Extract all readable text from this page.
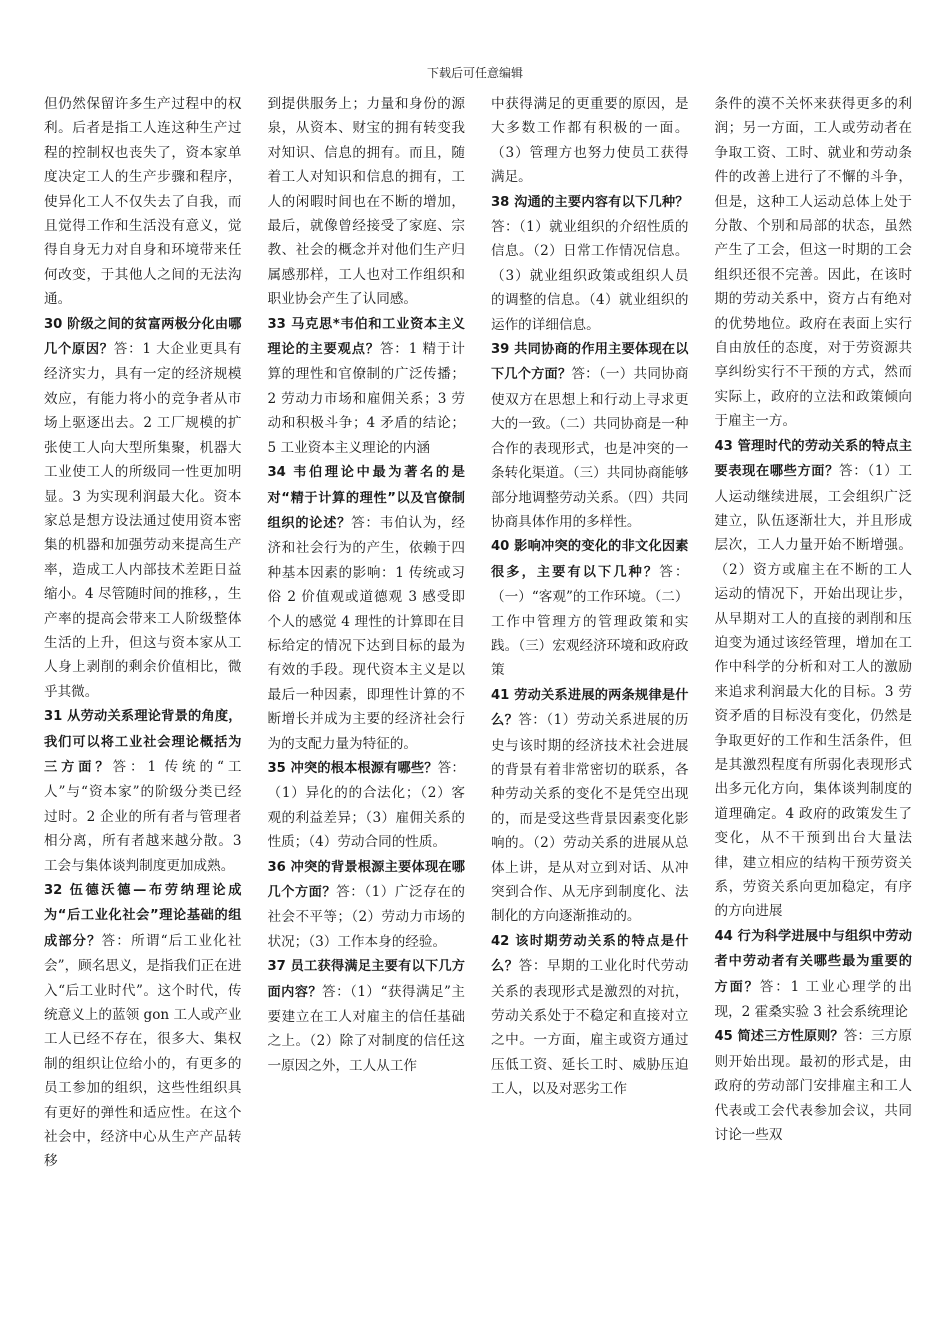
下载后可任意编辑

但仍然保留许多生产过程中的权利。后者是指工人连这种生产过程的控制权也丧失了，资本家单度决定工人的生产步骤和程序，使异化工人不仅失去了自我，而且觉得工作和生活没有意义，觉得自身无力对自身和环境带来任何改变，于其他人之间的无法沟通。

30 阶级之间的贫富两极分化由哪几个原因？答：1 大企业更具有经济实力，具有一定的经济规模效应，有能力将小的竞争者从市场上驱逐出去。2 工厂规模的扩张使工人向大型所集聚，机器大工业使工人的所级同一性更加明显。3 为实现利润最大化。资本家总是想方设法通过使用资本密集的机器和加强劳动来提高生产率，造成工人内部技术差距日益缩小。4 尽管随时间的推移，，生产率的提高会带来工人阶级整体生活的上升，但这与资本家从工人身上剥削的剩余价值相比，微乎其微。

31 从劳动关系理论背景的角度，我们可以将工业社会理论概括为三方面？答：1 传统的“工人”与“资本家”的阶级分类已经过时。2 企业的所有者与管理者相分离，所有者越来越分散。3 工会与集体谈判制度更加成熟。

32 伍德沃德—布劳纳理论成为“后工业化社会”理论基础的组成部分？答：所谓“后工业化社会”，顾名思义，是指我们正在进入“后工业时代”。这个时代，传统意义上的蓝领 gon 工人或产业工人已经不存在，很多大、集权制的组织让位给小的，有更多的员工参加的组织，这些性组织具有更好的弹性和适应性。在这个社会中，经济中心从生产产品转移

到提供服务上；力量和身份的源泉，从资本、财宝的拥有转变我对知识、信息的拥有。而且，随着工人对知识和信息的拥有，工人的闲暇时间也在不断的增加，最后，就像曾经接受了家庭、宗教、社会的概念并对他们生产归属感那样，工人也对工作组织和职业协会产生了认同感。

33 马克思*韦伯和工业资本主义理论的主要观点？答：1 精于计算的理性和官僚制的广泛传播；2 劳动力市场和雇佣关系；3 劳动和积极斗争；4 矛盾的结论；5 工业资本主义理论的内涵

34 韦伯理论中最为著名的是对“精于计算的理性”以及官僚制组织的论述？答：韦伯认为，经济和社会行为的产生，依赖于四种基本因素的影响：1 传统或习俗 2 价值观或道德观 3 感受即个人的感觉 4 理性的计算即在目标给定的情况下达到目标的最为有效的手段。现代资本主义是以最后一种因素，即理性计算的不断增长并成为主要的经济社会行为的支配力量为特征的。

35 冲突的根本根源有哪些？答：（1）异化的的合法化；（2）客观的利益差异；（3）雇佣关系的性质；（4）劳动合同的性质。

36 冲突的背景根源主要体现在哪几个方面？答：（1）广泛存在的社会不平等；（2）劳动力市场的状况；（3）工作本身的经验。

37 员工获得满足主要有以下几方面内容？答：（1）“获得满足”主要建立在工人对雇主的信任基础之上。（2）除了对制度的信任这一原因之外，工人从工作

中获得满足的更重要的原因，是大多数工作都有积极的一面。（3）管理方也努力使员工获得满足。

38 沟通的主要内容有以下几种？答：（1）就业组织的介绍性质的信息。（2）日常工作情况信息。（3）就业组织政策或组织人员的调整的信息。（4）就业组织的运作的详细信息。

39 共同协商的作用主要体现在以下几个方面？答：（一）共同协商使双方在思想上和行动上寻求更大的一致。（二）共同协商是一种合作的表现形式，也是冲突的一条转化渠道。（三）共同协商能够部分地调整劳动关系。（四）共同协商具体作用的多样性。

40 影响冲突的变化的非文化因素很多，主要有以下几种？答：（一）“客观”的工作环境。（二）工作中管理方的管理政策和实践。（三）宏观经济环境和政府政策

41 劳动关系进展的两条规律是什么？答：（1）劳动关系进展的历史与该时期的经济技术社会进展的背景有着非常密切的联系，各种劳动关系的变化不是凭空出现的，而是受这些背景因素变化影响的。（2）劳动关系的进展从总体上讲，是从对立到对话、从冲突到合作、从无序到制度化、法制化的方向逐渐推动的。

42 该时期劳动关系的特点是什么？答：早期的工业化时代劳动关系的表现形式是激烈的对抗，劳动关系处于不稳定和直接对立之中。一方面，雇主或资方通过压低工资、延长工时、威胁压迫工人，以及对恶劣工作

条件的漠不关怀来获得更多的利润；另一方面，工人或劳动者在争取工资、工时、就业和劳动条件的改善上进行了不懈的斗争，但是，这种工人运动总体上处于分散、个别和局部的状态，虽然产生了工会，但这一时期的工会组织还很不完善。因此，在该时期的劳动关系中，资方占有绝对的优势地位。政府在表面上实行自由放任的态度，对于劳资源共享纠纷实行不干预的方式，然而实际上，政府的立法和政策倾向于雇主一方。

43 管理时代的劳动关系的特点主要表现在哪些方面？答：（1）工人运动继续进展，工会组织广泛建立，队伍逐渐壮大，并且形成层次，工人力量开始不断增强。（2）资方或雇主在不断的工人运动的情况下，开始出现让步，从早期对工人的直接的剥削和压迫变为通过该经管理，增加在工作中科学的分析和对工人的激励来追求利润最大化的目标。3 劳资矛盾的目标没有变化，仍然是争取更好的工作和生活条件，但是其激烈程度有所弱化表现形式出多元化方向，集体谈判制度的道理确定。4 政府的政策发生了变化，从不干预到出台大量法律，建立相应的结构干预劳资关系，劳资关系向更加稳定，有序的方向进展

44 行为科学进展中与组织中劳动者中劳动者有关哪些最为重要的方面？答：1 工业心理学的出现，2 霍桑实验 3 社会系统理论

45 简述三方性原则？答：三方原则开始出现。最初的形式是，由政府的劳动部门安排雇主和工人代表或工会代表参加会议，共同讨论一些双
